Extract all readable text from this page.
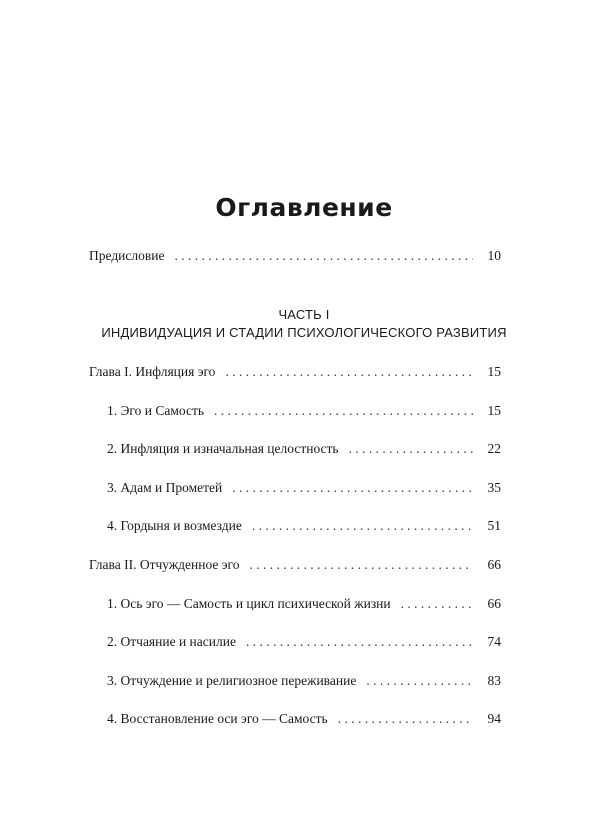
Оглавление
Предисловие . . .	10
ЧАСТЬ I
ИНДИВИДУАЦИЯ И СТАДИИ ПСИХОЛОГИЧЕСКОГО РАЗВИТИЯ
Глава I. Инфляция эго . . .	15
1. Эго и Самость . . .	15
2. Инфляция и изначальная целостность . . .	22
3. Адам и Прометей . . .	35
4. Гордыня и возмездие . . .	51
Глава II. Отчужденное эго . . .	66
1. Ось эго — Самость и цикл психической жизни . . .	66
2. Отчаяние и насилие . . .	74
3. Отчуждение и религиозное переживание . . .	83
4. Восстановление оси эго — Самость . . .	94
